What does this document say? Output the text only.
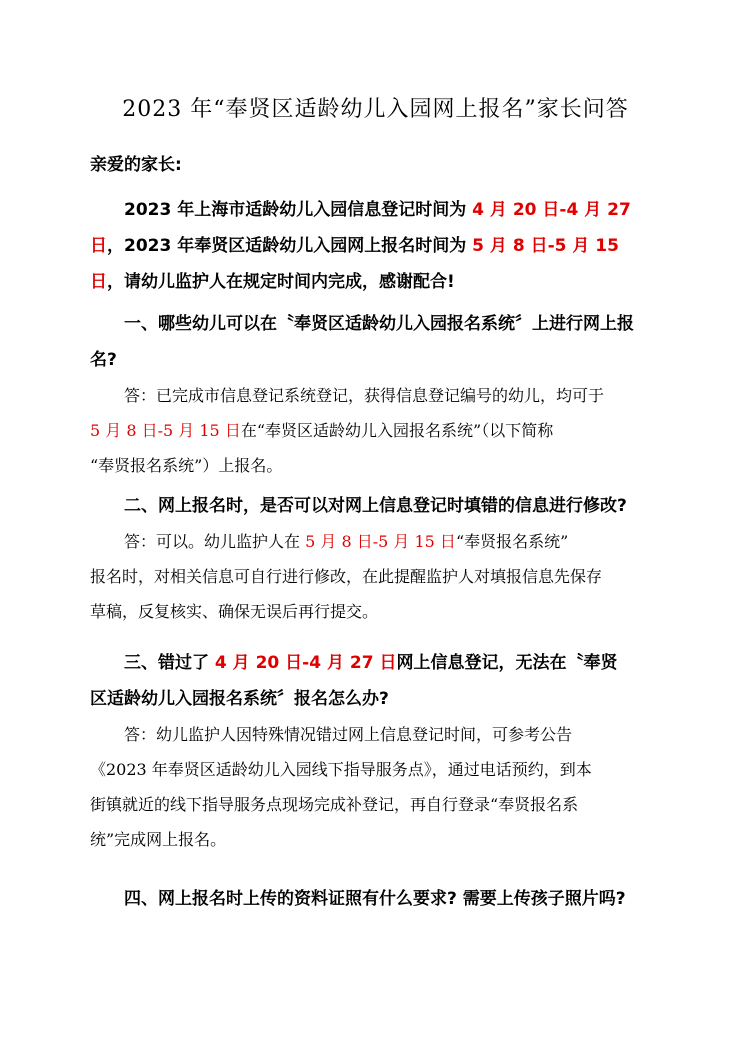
2023 年“奉贤区适龄幼儿入园网上报名”家长问答
亲爱的家长:
2023 年上海市适龄幼儿入园信息登记时间为 4 月 20 日-4 月 27
日，2023 年奉贤区适龄幼儿入园网上报名时间为 5 月 8 日-5 月 15
日，请幼儿监护人在规定时间内完成，感谢配合!
一、哪些幼儿可以在〝奉贤区适龄幼儿入园报名系统〞上进行网上报
名?
答：已完成市信息登记系统登记，获得信息登记编号的幼儿，均可于
5 月 8 日-5 月 15 日在“奉贤区适龄幼儿入园报名系统”（以下简称
“奉贤报名系统”）上报名。
二、网上报名时，是否可以对网上信息登记时填错的信息进行修改?
答：可以。幼儿监护人在 5 月 8 日-5 月 15 日“奉贤报名系统”
报名时，对相关信息可自行进行修改，在此提醒监护人对填报信息先保存
草稿，反复核实、确保无误后再行提交。
三、错过了 4 月 20 日-4 月 27 日网上信息登记，无法在〝奉贤
区适龄幼儿入园报名系统〞报名怎么办?
答：幼儿监护人因特殊情况错过网上信息登记时间，可参考公告
《2023 年奉贤区适龄幼儿入园线下指导服务点》，通过电话预约，到本
街镇就近的线下指导服务点现场完成补登记，再自行登录“奉贤报名系
统”完成网上报名。
四、网上报名时上传的资料证照有什么要求? 需要上传孩子照片吗?
